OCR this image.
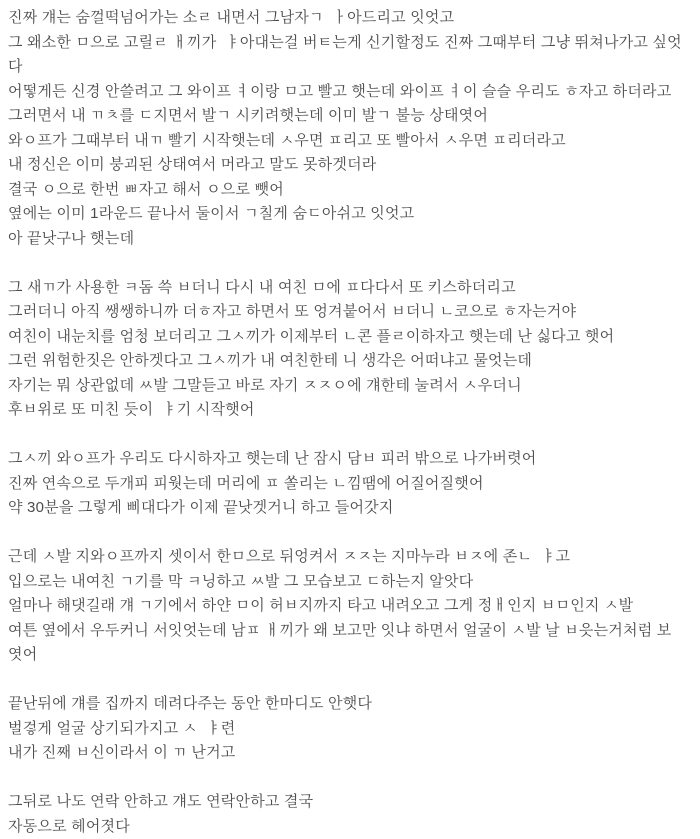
진짜 걔는 숨껄떡넘어가는 소ㄹ 내면서 그남자ㄱ  ㅏ아드리고 잇엇고
그 왜소한 ㅁ으로 고릴ㄹ ㅐ끼가  ㅑ아대는걸 버ㅌ는게 신기할정도 진짜 그때부터 그냥 뛰쳐나가고 싶엇
다
어떻게든 신경 안쓸려고 그 와이프 ㅕ이랑 ㅁ고 빨고 햇는데 와이프 ㅕ이 슬슬 우리도 ㅎ자고 하더라고
그러면서 내 ㄲㅊ를 ㄷ지면서 발ㄱ 시키려햇는데 이미 발ㄱ 불능 상태엿어
와ㅇ프가 그때부터 내ㄲ 빨기 시작햇는데 ㅅ우면 ㅍ리고 또 빨아서 ㅅ우면 ㅍ리더라고
내 정신은 이미 붕괴된 상태여서 머라고 말도 못하겟더라
결국 ㅇ으로 한번 ㅃ자고 해서 ㅇ으로 뺏어
옆에는 이미 1라운드 끝나서 둘이서 ㄱ칠게 숨ㄷ아쉬고 잇엇고
아 끝낫구나 햇는데
그 새ㄲ가 사용한 ㅋ돔 쓱 ㅂ더니 다시 내 여친 ㅁ에 ㅍ다다서 또 키스하더리고
그러더니 아직 쌩쌩하니까 더ㅎ자고 하면서 또 엉겨붙어서 ㅂ더니 ㄴ코으로 ㅎ자는거야
여친이 내눈치를 엄청 보더리고 그ㅅ끼가 이제부터 ㄴ콘 플ㄹ이하자고 햇는데 난 싫다고 햇어
그런 위험한짓은 안하겟다고 그ㅅ끼가 내 여친한테 니 생각은 어떠냐고 물엇는데
자기는 뭐 상관없데 ㅆ발 그말듣고 바로 자기 ㅈㅈㅇ에 걔한테 눌려서 ㅅ우더니
후ㅂ위로 또 미친 듯이  ㅑ기 시작햇어
그ㅅ끼 와ㅇ프가 우리도 다시하자고 햇는데 난 잠시 담ㅂ 피러 밖으로 나가버렷어
진짜 연속으로 두개피 피웟는데 머리에 ㅍ 쏠리는 ㄴ낌땜에 어질어질햇어
약 30분을 그렇게 삐대다가 이제 끝낫겟거니 하고 들어갓지
근데 ㅅ발 지와ㅇ프까지 셋이서 한ㅁ으로 뒤엉켜서 ㅈㅈ는 지마누라 ㅂㅈ에 존ㄴ  ㅑ고
입으로는 내여친 ㄱ기를 막 ㅋ닝하고 ㅆ발 그 모습보고 ㄷ하는지 알앗다
얼마나 해댓길래 걔 ㄱ기에서 하얀 ㅁ이 허ㅂ지까지 타고 내려오고 그게 정ㅐ인지 ㅂㅁ인지 ㅅ발
여튼 옆에서 우두커니 서잇엇는데 남ㅍ ㅐ끼가 왜 보고만 잇냐 하면서 얼굴이 ㅅ발 날 ㅂ읏는거처럼 보
엿어
끝난뒤에 걔를 집까지 데려다주는 동안 한마디도 안햇다
벌겋게 얼굴 상기되가지고 ㅅ  ㅑ련
내가 진째 ㅂ신이라서 이 ㄲ 난거고
그뒤로 나도 연락 안하고 걔도 연락안하고 결국
자동으로 헤어졋다
